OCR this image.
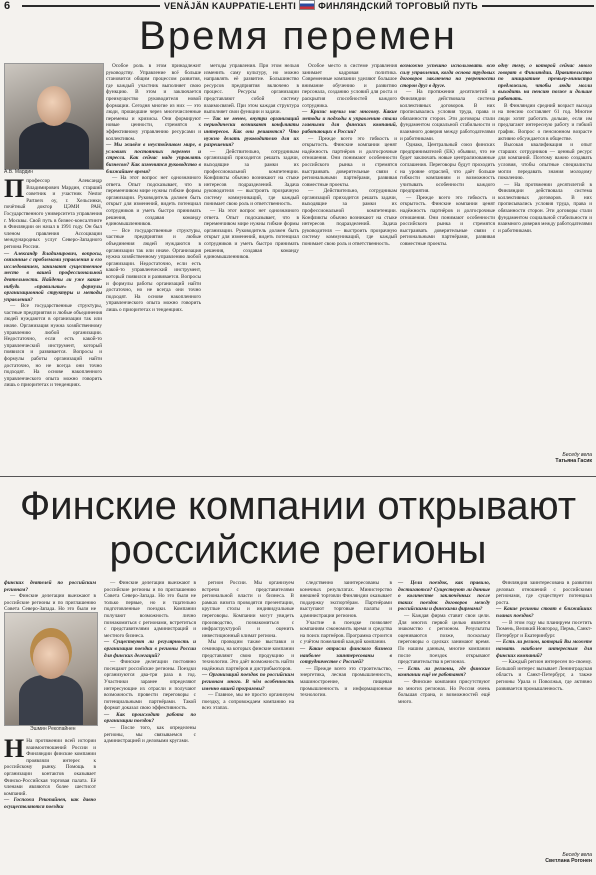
6	VENÄJÄN KAUPPATIE-LEHTI ФИНЛЯНДСКИЙ ТОРГОВЫЙ ПУТЬ
Время перемен
А.В. Мардин
П профессор Александр Владимирович Мардин, старший советник и участник Nestor Partners oy, г. Хельсинки, почётный доктор ЦЭМИ РАН, Государственного университета управления г. Москвы. Свой путь в бизнес-консалтинге в Финляндии он начал в 1991 году. Он был членом правления Ассоциации международных услуг Северо-Западного региона России.

— Александр Владимирович, вопросы, связанные с проблемами управления и его исследованием, занимают существенное место в вашей профессиональной деятельности. Найдены ли уже какие-нибудь «правильные» формулы организационной структуры и методы управления?

— Все государственные структуры, частные предприятия и любые объединения людей нуждаются в организации так или иначе. Организация нужна хозяйственному управлению любой организации. Недостаточно, если есть какой-то управленческий инструмент, который появился и развивается. Вопросы и формулы работы организаций найти достаточно, но не всегда они точно подходят. На основе накопленного управленческого опыта можно говорить лишь о приоритетах и тенденциях.

Особое роль в этом принадлежит руководству. Управление всё больше становится общим процессом развития, где каждый участник выполняет свою функцию. В этом и заключается преимущество руководителя новой формации. Сегодня многие из них — это люди, прошедшие через многочисленные перемены и кризисы. Они формируют новые ценности, стремятся к эффективному управлению ресурсами и коллективом.

— Мы живём в неустойчивом мире, в условиях постоянных перемен и стресса. Как сейчас надо управлять бизнесом? Как изменится руководство в ближайшее время?

— На этот вопрос нет однозначного ответа. Опыт подсказывает, что в переменчивом мире нужны гибкие формы организации. Руководитель должен быть открыт для изменений, видеть потенциал сотрудников и уметь быстро принимать решения, создавая команду единомышленников.

— Все государственные структуры, частные предприятия и любые объединения людей нуждаются в организации так или иначе. Организация нужна хозяйственному управлению любой организации. Недостаточно, если есть какой-то управленческий инструмент, который появился и развивается. Вопросы и формулы работы организаций найти достаточно, но не всегда они точно подходят. На основе накопленного управленческого опыта можно говорить лишь о приоритетах и тенденциях.

методы управления. При этом нельзя изменить саму культуру, но можно направлять её развитие. Большинство ресурсов предприятия включено в процесс. Ресурсы организации представляют собой систему взаимосвязей. При этом каждая структура выполняет свои функции и задачи.

— Так не менее, внутри организаций периодически возникают конфликты интересов. Как они решаются? Что нужно делать руководителю для их разрешения?

— Действительно, сотрудникам организаций приходится решать задачи, выходящие за рамки их профессиональной компетенции. Конфликты обычно возникают на стыке интересов подразделений. Задача руководителя — выстроить прозрачную систему коммуникаций, где каждый понимает свою роль и ответственность.

— На этот вопрос нет однозначного ответа. Опыт подсказывает, что в переменчивом мире нужны гибкие формы организации. Руководитель должен быть открыт для изменений, видеть потенциал сотрудников и уметь быстро принимать решения, создавая команду единомышленников.

Особое место в системе управления занимает кадровая политика. Современные компании уделяют большое внимание обучению и развитию персонала, созданию условий для роста и раскрытия способностей каждого сотрудника.

— Кризис научил нас многому. Какие методы и подходы к управлению стали главными для финских компаний, работающих в России?

— Прежде всего это гибкость и открытость. Финские компании ценят надёжность партнёров и долгосрочные отношения. Они понимают особенности российского рынка и стремятся выстраивать доверительные связи с региональными партнёрами, развивая совместные проекты.

— Действительно, сотрудникам организаций приходится решать задачи, выходящие за рамки их профессиональной компетенции. Конфликты обычно возникают на стыке интересов подразделений. Задача руководителя — выстроить прозрачную систему коммуникаций, где каждый понимает свою роль и ответственность.

возможно успешно использовать всю силу управления, когда основа трудовых договоров заключена на уверенности сторон друг в друге.

— На протяжении десятилетий в Финляндии действовала система коллективных договоров. В них прописывались условия труда, права и обязанности сторон. Эти договоры стали фундаментом социальной стабильности и взаимного доверия между работодателями и работниками.

Однако, Центральный союз финских предпринимателей (EK) объявил, что не будет заключать новые централизованные соглашения. Переговоры будут проходить на уровне отраслей, что даёт больше гибкости компаниям и возможность учитывать особенности каждого предприятия.

— Прежде всего это гибкость и открытость. Финские компании ценят надёжность партнёров и долгосрочные отношения. Они понимают особенности российского рынка и стремятся выстраивать доверительные связи с региональными партнёрами, развивая совместные проекты.

одну тему, о которой сейчас много говорят в Финляндии. Правительство по инициативе премьер-министра предложило, чтобы люди могли выходить на пенсию позже и дольше работать.

В Финляндии средний возраст выхода на пенсию составляет 61 год. Многие люди хотят работать дольше, если им предлагают интересную работу и гибкий график. Вопрос о пенсионном возрасте активно обсуждается в обществе.

Высокая квалификация и опыт старших сотрудников — ценный ресурс для компаний. Поэтому важно создавать условия, чтобы опытные специалисты могли передавать знания молодому поколению.

— На протяжении десятилетий в Финляндии действовала система коллективных договоров. В них прописывались условия труда, права и обязанности сторон. Эти договоры стали фундаментом социальной стабильности и взаимного доверия между работодателями и работниками.

Беседу вела
Татьяна Гасик
Финские компании открывают российские регионы

финских деятелей по российским регионам?

— Финские делегации выезжают в российские регионы и по приглашению Совета Северо-Запада. Но это были не

Эшмин Рекопайнен
Н На протяжении всей истории взаимоотношений России и Финляндии финские компании проявляли интерес к российскому рынку. Помощь в организации контактов оказывает Финско-Российская торговая палата. Её членами являются более шестисот компаний.

— Госпожа Рекопайнен, как давно осуществляются поездки

— Финские делегации выезжают в российские регионы и по приглашению Совета Северо-Запада. Но это были не только первые, но и тщательно подготовленные поездки. Компании получают возможность лично познакомиться с регионами, встретиться с представителями администраций и местного бизнеса.

— Существуют ли регулярность и организация поездки в регионы России для финских делегаций?

— Финские делегации постоянно посещают российские регионы. Поездки организуются два-три раза в год. Участники заранее определяют интересующие их отрасли и получают возможность провести переговоры с потенциальными партнёрами. Такой формат доказал свою эффективность.

— Как происходит работа по организации поездок?

— После того, как определены регионы, мы связываемся с администрацией и деловыми кругами.

регион России. Мы организуем встречи с представителями региональной власти и бизнеса. В рамках визита проводятся презентации, круглые столы и индивидуальные переговоры. Компании могут увидеть производство, познакомиться с инфраструктурой и оценить инвестиционный климат региона.

Мы проводим также выставки и семинары, на которых финские компании представляют свою продукцию и технологии. Это даёт возможность найти надёжных партнёров и дистрибьюторов.

— Организаций поездок по российским регионам много. В чём особенность именно вашей программы?

— Главное, мы не просто организуем поездку, а сопровождаем компанию на всех этапах.

следственно заинтересованы в конечных результатах. Министерство внешней торговли Финляндии оказывает поддержку экспортёрам. Партнёрами выступают торговые палаты и администрации регионов.

Участие в поездке позволяет компаниям сэкономить время и средства на поиск партнёров. Программа строится с учётом пожеланий каждой компании.

— Какие отрасли финского бизнеса наиболее заинтересованы в сотрудничестве с Россией?

— Прежде всего это строительство, энергетика, лесная промышленность, машиностроение, пищевая промышленность и информационные технологии.

— Цели поездок, как правило, достигаются? Существуют ли данные о количестве заключённых после таких поездок договоров между российскими и финскими фирмами?

— Каждая фирма ставит свои цели. Для многих первой целью является знакомство с регионом. Результаты оцениваются позже, поскольку переговоры о сделках занимают время. По нашим данным, многие компании после поездок открывают представительства в регионах.

— Есть ли регионы, где финские компании ещё не работают?

— Финские компании присутствуют во многих регионах. Но Россия очень большая страна, и возможностей ещё много.

Финляндия заинтересована в развитии деловых отношений с российскими регионами, где существует потенциал роста.

— Какие регионы стоят в ближайших планах поездок?

— В этом году мы планируем посетить Тюмень, Великий Новгород, Пермь, Санкт-Петербург и Екатеринбург.

— Есть ли регион, который Вы можете назвать наиболее интересным для финских компаний?

— Каждый регион интересен по-своему. Большой интерес вызывает Ленинградская область и Санкт-Петербург, а также регионы Урала и Поволжья, где активно развивается промышленность.

Беседу вела
Светлана Рогонен
